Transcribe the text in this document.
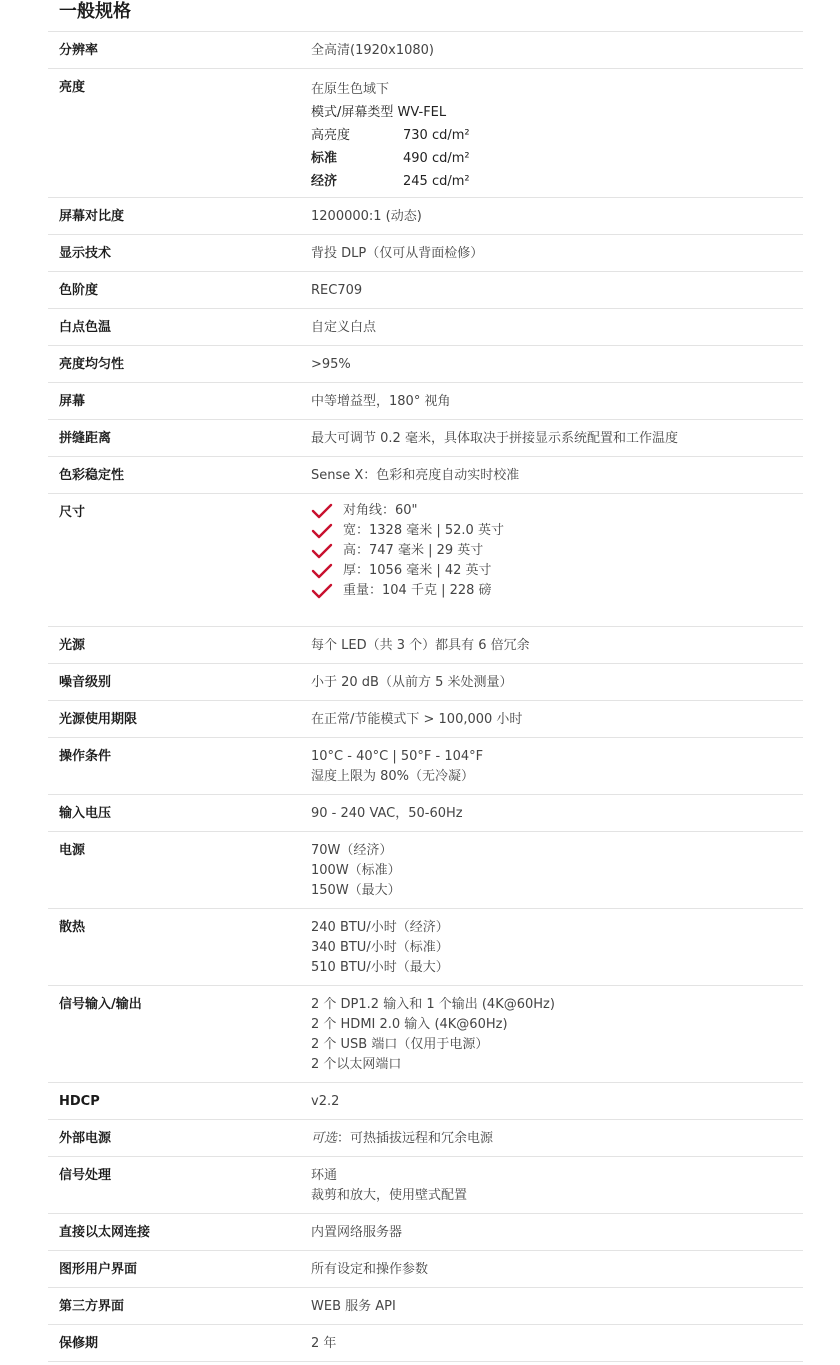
一般规格
分辨率	全高清(1920x1080)
亮度	在原生色域下
模式/屏幕类型 WV-FEL
高亮度	730 cd/m²
标准	490 cd/m²
经济	245 cd/m²
屏幕对比度	1200000:1 (动态)
显示技术	背投 DLP（仅可从背面检修）
色阶度	REC709
白点色温	自定义白点
亮度均匀性	>95%
屏幕	中等增益型，180° 视角
拼缝距离	最大可调节 0.2 毫米，具体取决于拼接显示系统配置和工作温度
色彩稳定性	Sense X：色彩和亮度自动实时校准
尺寸	对角线：60"
宽：1328 毫米 | 52.0 英寸
高：747 毫米 | 29 英寸
厚：1056 毫米 | 42 英寸
重量：104 千克 | 228 磅
光源	每个 LED（共 3 个）都具有 6 倍冗余
噪音级别	小于 20 dB（从前方 5 米处测量）
光源使用期限	在正常/节能模式下 > 100,000 小时
操作条件	10°C - 40°C | 50°F - 104°F
湿度上限为 80%（无冷凝）
输入电压	90 - 240 VAC，50-60Hz
电源	70W（经济）
100W（标准）
150W（最大）
散热	240 BTU/小时（经济）
340 BTU/小时（标准）
510 BTU/小时（最大）
信号输入/输出	2 个 DP1.2 输入和 1 个输出 (4K@60Hz)
2 个 HDMI 2.0 输入 (4K@60Hz)
2 个 USB 端口（仅用于电源）
2 个以太网端口
HDCP	v2.2
外部电源	可选：可热插拔远程和冗余电源
信号处理	环通
裁剪和放大，使用壁式配置
直接以太网连接	内置网络服务器
图形用户界面	所有设定和操作参数
第三方界面	WEB 服务 API
保修期	2 年
